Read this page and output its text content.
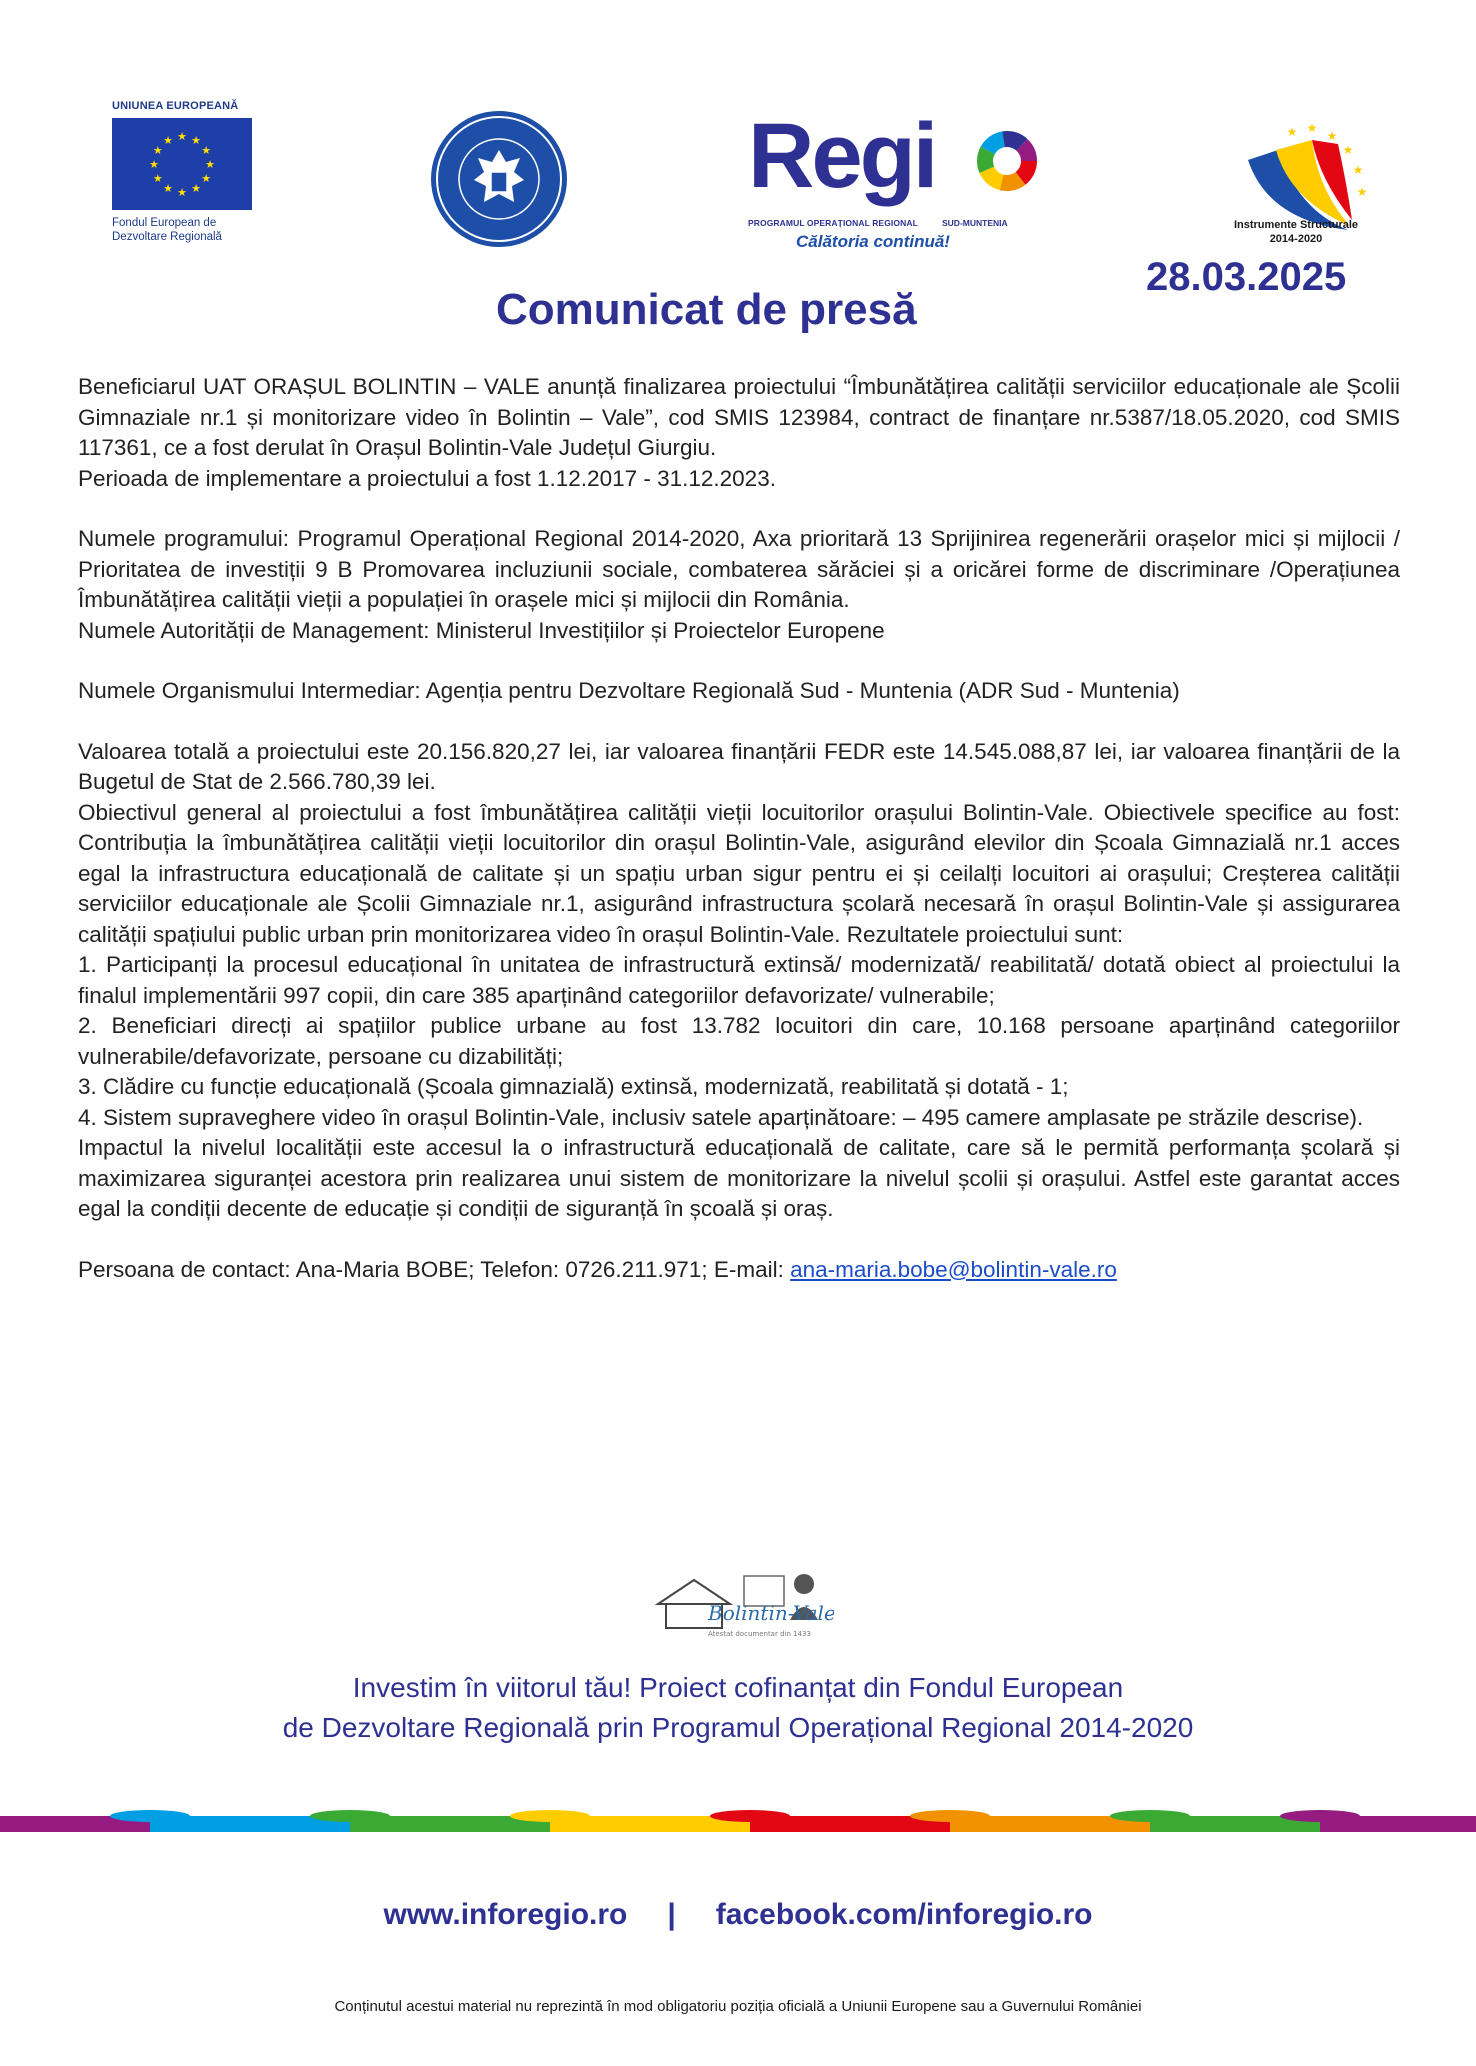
UNIUNEA EUROPEANĂ
★ ★
★
★
★
★
★
★
★
★
★
★
Fondul European de
Dezvoltare Regională
Regi
PROGRAMUL OPERAȚIONAL REGIONAL	SUD-MUNTENIA
Călătoria continuă!
★ ★
★
★
★
★
Instrumente Structurale
2014-2020
28.03.2025
Comunicat de presă

Beneficiarul UAT ORAȘUL BOLINTIN – VALE anunță finalizarea proiectului “Îmbunătățirea calității serviciilor educaționale ale Școlii Gimnaziale nr.1 și monitorizare video în Bolintin – Vale”, cod SMIS 123984, contract de finanțare nr.5387/18.05.2020, cod SMIS 117361, ce a fost derulat în Orașul Bolintin-Vale Județul Giurgiu.

Perioada de implementare a proiectului a fost 1.12.2017 - 31.12.2023.

Numele programului: Programul Operațional Regional 2014-2020, Axa prioritară 13 Sprijinirea regenerării orașelor mici și mijlocii / Prioritatea de investiții 9 B Promovarea incluziunii sociale, combaterea sărăciei și a oricărei forme de discriminare /Operațiunea Îmbunătățirea calității vieții a populației în orașele mici și mijlocii din România.

Numele Autorității de Management: Ministerul Investițiilor și Proiectelor Europene

Numele Organismului Intermediar: Agenția pentru Dezvoltare Regională Sud - Muntenia (ADR Sud - Muntenia)

Valoarea totală a proiectului este 20.156.820,27 lei, iar valoarea finanțării FEDR este 14.545.088,87 lei, iar valoarea finanțării de la Bugetul de Stat de 2.566.780,39 lei.

Obiectivul general al proiectului a fost îmbunătățirea calității vieții locuitorilor orașului Bolintin-Vale. Obiectivele specifice au fost: Contribuția la îmbunătățirea calității vieții locuitorilor din orașul Bolintin-Vale, asigurând elevilor din Școala Gimnazială nr.1 acces egal la infrastructura educațională de calitate și un spațiu urban sigur pentru ei și ceilalți locuitori ai orașului; Creșterea calității serviciilor educaționale ale Școlii Gimnaziale nr.1, asigurând infrastructura școlară necesară în orașul Bolintin-Vale și assigurarea calității spațiului public urban prin monitorizarea video în orașul Bolintin-Vale. Rezultatele proiectului sunt:

1. Participanți la procesul educațional în unitatea de infrastructură extinsă/ modernizată/ reabilitată/ dotată obiect al proiectului la finalul implementării 997 copii, din care 385 aparținând categoriilor defavorizate/ vulnerabile;

2. Beneficiari direcți ai spațiilor publice urbane au fost 13.782 locuitori din care, 10.168 persoane aparținând categoriilor vulnerabile/defavorizate, persoane cu dizabilități;

3. Clădire cu funcție educațională (Școala gimnazială) extinsă, modernizată, reabilitată și dotată - 1;

4. Sistem supraveghere video în orașul Bolintin-Vale, inclusiv satele aparținătoare: – 495 camere amplasate pe străzile descrise).

Impactul la nivelul localității este accesul la o infrastructură educațională de calitate, care să le permită performanța școlară și maximizarea siguranței acestora prin realizarea unui sistem de monitorizare la nivelul școlii și orașului. Astfel este garantat acces egal la condiții decente de educație și condiții de siguranță în școală și oraș.

Persoana de contact: Ana-Maria BOBE; Telefon: 0726.211.971; E-mail: ana-maria.bobe@bolintin-vale.ro

Bolintin-Vale
Atestat documentar din 1433
Investim în viitorul tău! Proiect cofinanțat din Fondul European
de Dezvoltare Regională prin Programul Operațional Regional 2014-2020
www.inforegio.ro | facebook.com/inforegio.ro
Conținutul acestui material nu reprezintă în mod obligatoriu poziția oficială a Uniunii Europene sau a Guvernului României
